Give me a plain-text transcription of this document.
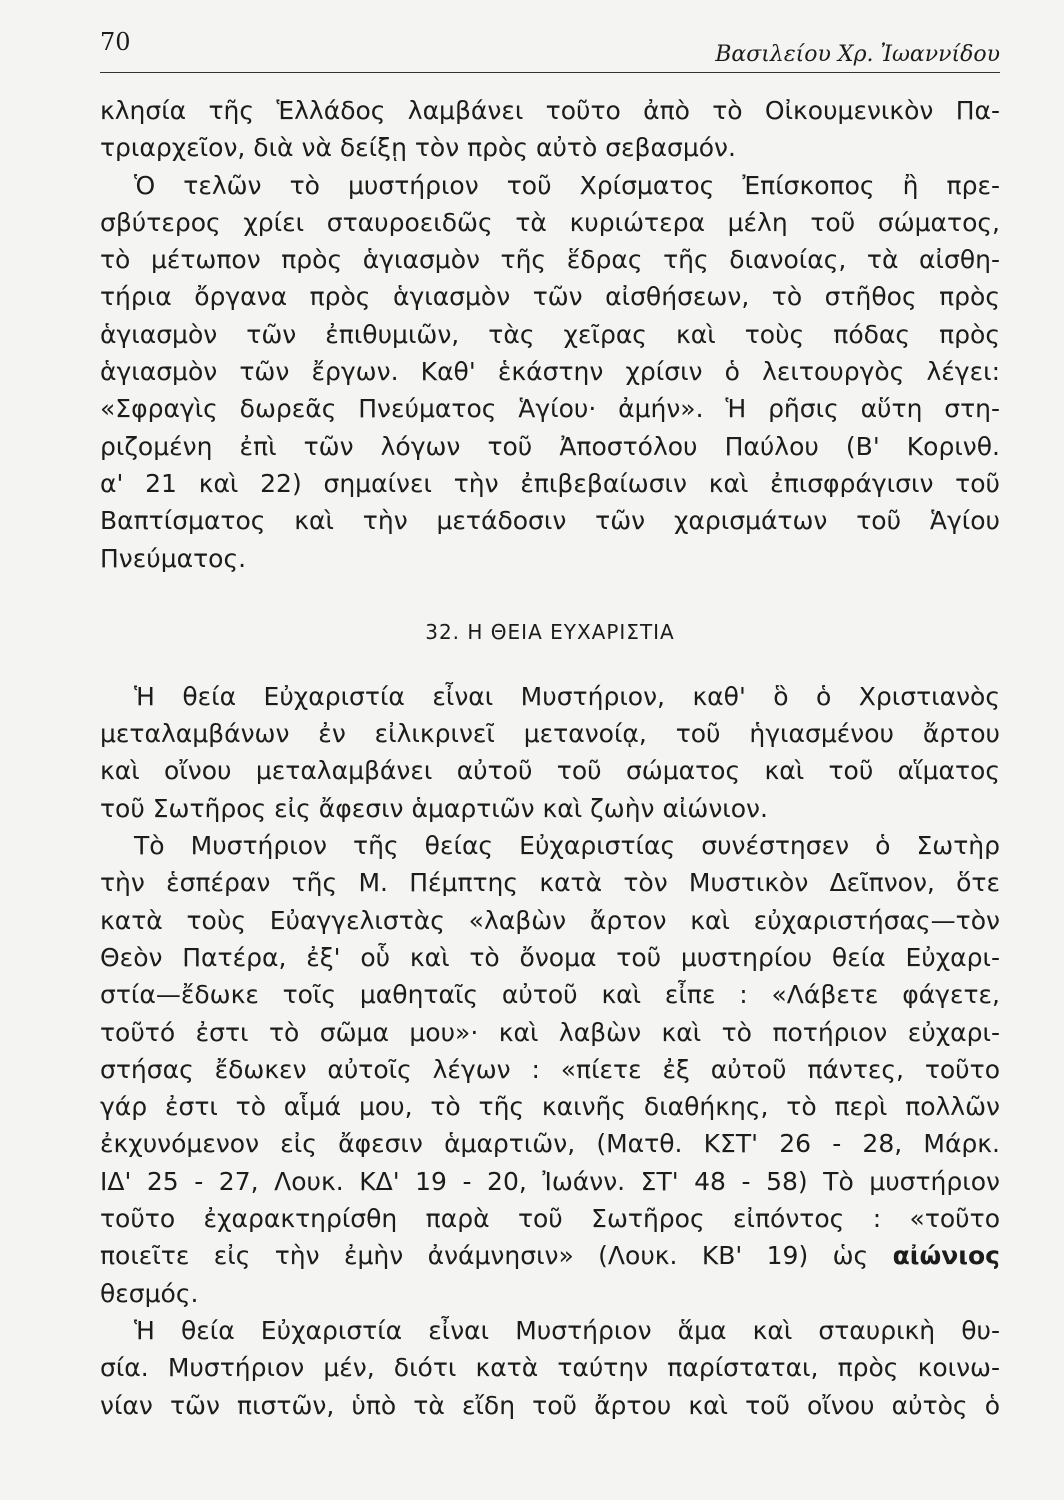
70	Βασιλείου Χρ. Ἰωαννίδου
κλησία τῆς Ἑλλάδος λαμβάνει τοῦτο ἀπὸ τὸ Οἰκουμενικὸν Πα-
τριαρχεῖον, διὰ νὰ δείξῃ τὸν πρὸς αὐτὸ σεβασμόν.
Ὁ τελῶν τὸ μυστήριον τοῦ Χρίσματος Ἐπίσκοπος ἢ πρε-
σβύτερος χρίει σταυροειδῶς τὰ κυριώτερα μέλη τοῦ σώματος,
τὸ μέτωπον πρὸς ἁγιασμὸν τῆς ἕδρας τῆς διανοίας, τὰ αἰσθη-
τήρια ὄργανα πρὸς ἁγιασμὸν τῶν αἰσθήσεων, τὸ στῆθος πρὸς
ἁγιασμὸν τῶν ἐπιθυμιῶν, τὰς χεῖρας καὶ τοὺς πόδας πρὸς
ἁγιασμὸν τῶν ἔργων. Καθ' ἑκάστην χρίσιν ὁ λειτουργὸς λέγει:
«Σφραγὶς δωρεᾶς Πνεύματος Ἁγίου· ἀμήν». Ἡ ρῆσις αὕτη στη-
ριζομένη ἐπὶ τῶν λόγων τοῦ Ἀποστόλου Παύλου (Β' Κορινθ.
α' 21 καὶ 22) σημαίνει τὴν ἐπιβεβαίωσιν καὶ ἐπισφράγισιν τοῦ
Βαπτίσματος καὶ τὴν μετάδοσιν τῶν χαρισμάτων τοῦ Ἁγίου
Πνεύματος.
32. Η ΘΕΙΑ ΕΥΧΑΡΙΣΤΙΑ
Ἡ θεία Εὐχαριστία εἶναι Μυστήριον, καθ' ὃ ὁ Χριστιανὸς
μεταλαμβάνων ἐν εἰλικρινεῖ μετανοίᾳ, τοῦ ἡγιασμένου ἄρτου
καὶ οἴνου μεταλαμβάνει αὐτοῦ τοῦ σώματος καὶ τοῦ αἵματος
τοῦ Σωτῆρος εἰς ἄφεσιν ἁμαρτιῶν καὶ ζωὴν αἰώνιον.
Τὸ Μυστήριον τῆς θείας Εὐχαριστίας συνέστησεν ὁ Σωτὴρ
τὴν ἑσπέραν τῆς Μ. Πέμπτης κατὰ τὸν Μυστικὸν Δεῖπνον, ὅτε
κατὰ τοὺς Εὐαγγελιστὰς «λαβὼν ἄρτον καὶ εὐχαριστήσας—τὸν
Θεὸν Πατέρα, ἐξ' οὗ καὶ τὸ ὄνομα τοῦ μυστηρίου θεία Εὐχαρι-
στία—ἔδωκε τοῖς μαθηταῖς αὐτοῦ καὶ εἶπε : «Λάβετε φάγετε,
τοῦτό ἐστι τὸ σῶμα μου»· καὶ λαβὼν καὶ τὸ ποτήριον εὐχαρι-
στήσας ἔδωκεν αὐτοῖς λέγων : «πίετε ἐξ αὐτοῦ πάντες, τοῦτο
γάρ ἐστι τὸ αἷμά μου, τὸ τῆς καινῆς διαθήκης, τὸ περὶ πολλῶν
ἐκχυνόμενον εἰς ἄφεσιν ἁμαρτιῶν, (Ματθ. ΚΣΤ' 26 - 28, Μάρκ.
ΙΔ' 25 - 27, Λουκ. ΚΔ' 19 - 20, Ἰωάνν. ΣΤ' 48 - 58) Τὸ μυστήριον
τοῦτο ἐχαρακτηρίσθη παρὰ τοῦ Σωτῆρος εἰπόντος : «τοῦτο
ποιεῖτε εἰς τὴν ἐμὴν ἀνάμνησιν» (Λουκ. ΚΒ' 19) ὡς αἰώνιος
θεσμός.
Ἡ θεία Εὐχαριστία εἶναι Μυστήριον ἅμα καὶ σταυρικὴ θυ-
σία. Μυστήριον μέν, διότι κατὰ ταύτην παρίσταται, πρὸς κοινω-
νίαν τῶν πιστῶν, ὑπὸ τὰ εἴδη τοῦ ἄρτου καὶ τοῦ οἴνου αὐτὸς ὁ
